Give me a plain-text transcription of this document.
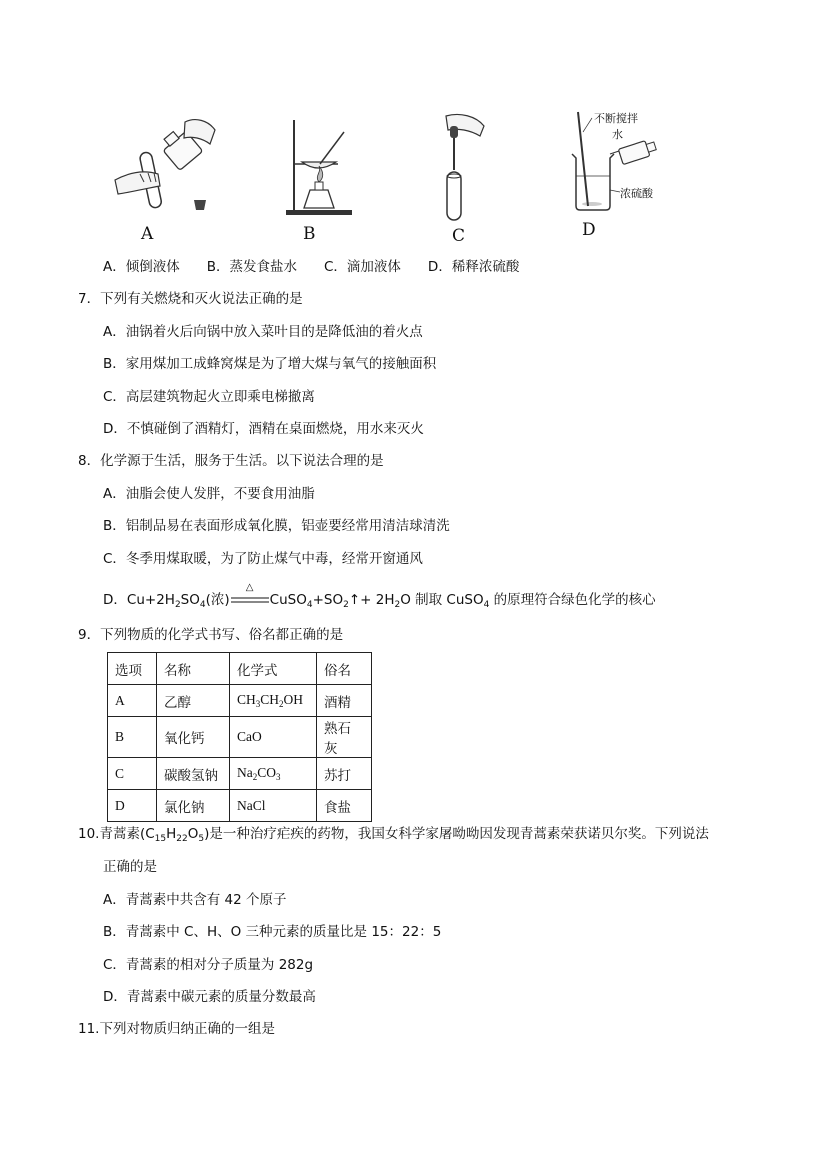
不断搅拌
水
浓硫酸
A	B	C	D
A．倾倒液体　　B．蒸发食盐水　　C．滴加液体　　D．稀释浓硫酸
7．下列有关燃烧和灭火说法正确的是
A．油锅着火后向锅中放入菜叶目的是降低油的着火点
B．家用煤加工成蜂窝煤是为了增大煤与氧气的接触面积
C．高层建筑物起火立即乘电梯撤离
D．不慎碰倒了酒精灯，酒精在桌面燃烧，用水来灭火
8．化学源于生活，服务于生活。以下说法合理的是
A．油脂会使人发胖，不要食用油脂
B．铝制品易在表面形成氧化膜，铝壶要经常用清洁球清洗
C．冬季用煤取暖，为了防止煤气中毒，经常开窗通风
D．$Cu+2H_2SO_4$(浓)
△
$CuSO_4+SO_2↑+ 2H_2O$ 制取 CuSO$_4$ 的原理符合绿色化学的核心
9．下列物质的化学式书写、俗名都正确的是
选项	名称	化学式	俗名
A	乙醇	$CH_3CH_2OH$	酒精
B	氧化钙	CaO	熟石灰
C	碳酸氢钠	$Na_2CO_3$	苏打
D	氯化钠	NaCl	食盐
10.青蒿素$(C_{15}H_{22}O_5)$是一种治疗疟疾的药物，我国女科学家屠呦呦因发现青蒿素荣获诺贝尔奖。下列说法
正确的是
A．青蒿素中共含有 42 个原子
B．青蒿素中 C、H、O 三种元素的质量比是 15：22：5
C．青蒿素的相对分子质量为 282g
D．青蒿素中碳元素的质量分数最高
11.下列对物质归纳正确的一组是
